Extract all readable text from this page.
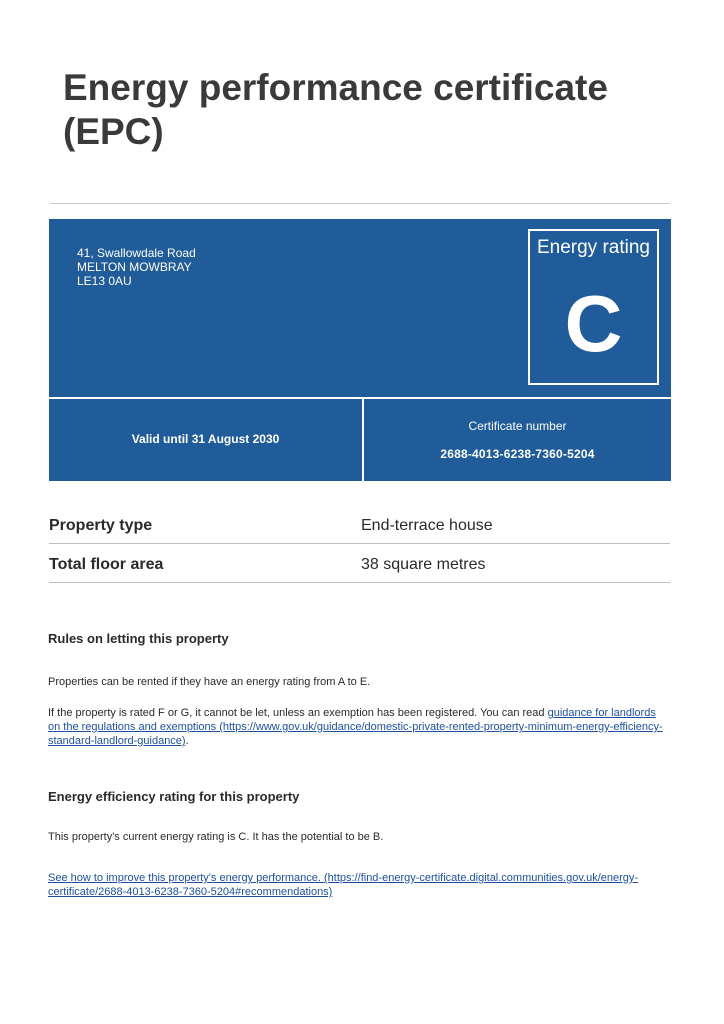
Energy performance certificate (EPC)
41, Swallowdale Road
MELTON MOWBRAY
LE13 0AU
Energy rating
C
Valid until 31 August 2030
Certificate number
2688-4013-6238-7360-5204
Property type	End-terrace house
Total floor area	38 square metres
Rules on letting this property

Properties can be rented if they have an energy rating from A to E.

If the property is rated F or G, it cannot be let, unless an exemption has been registered. You can read guidance for landlords on the regulations and exemptions (https://www.gov.uk/guidance/domestic-private-rented-property-minimum-energy-efficiency-standard-landlord-guidance).

Energy efficiency rating for this property

This property's current energy rating is C. It has the potential to be B.

See how to improve this property's energy performance. (https://find-energy-certificate.digital.communities.gov.uk/energy-certificate/2688-4013-6238-7360-5204#recommendations)
